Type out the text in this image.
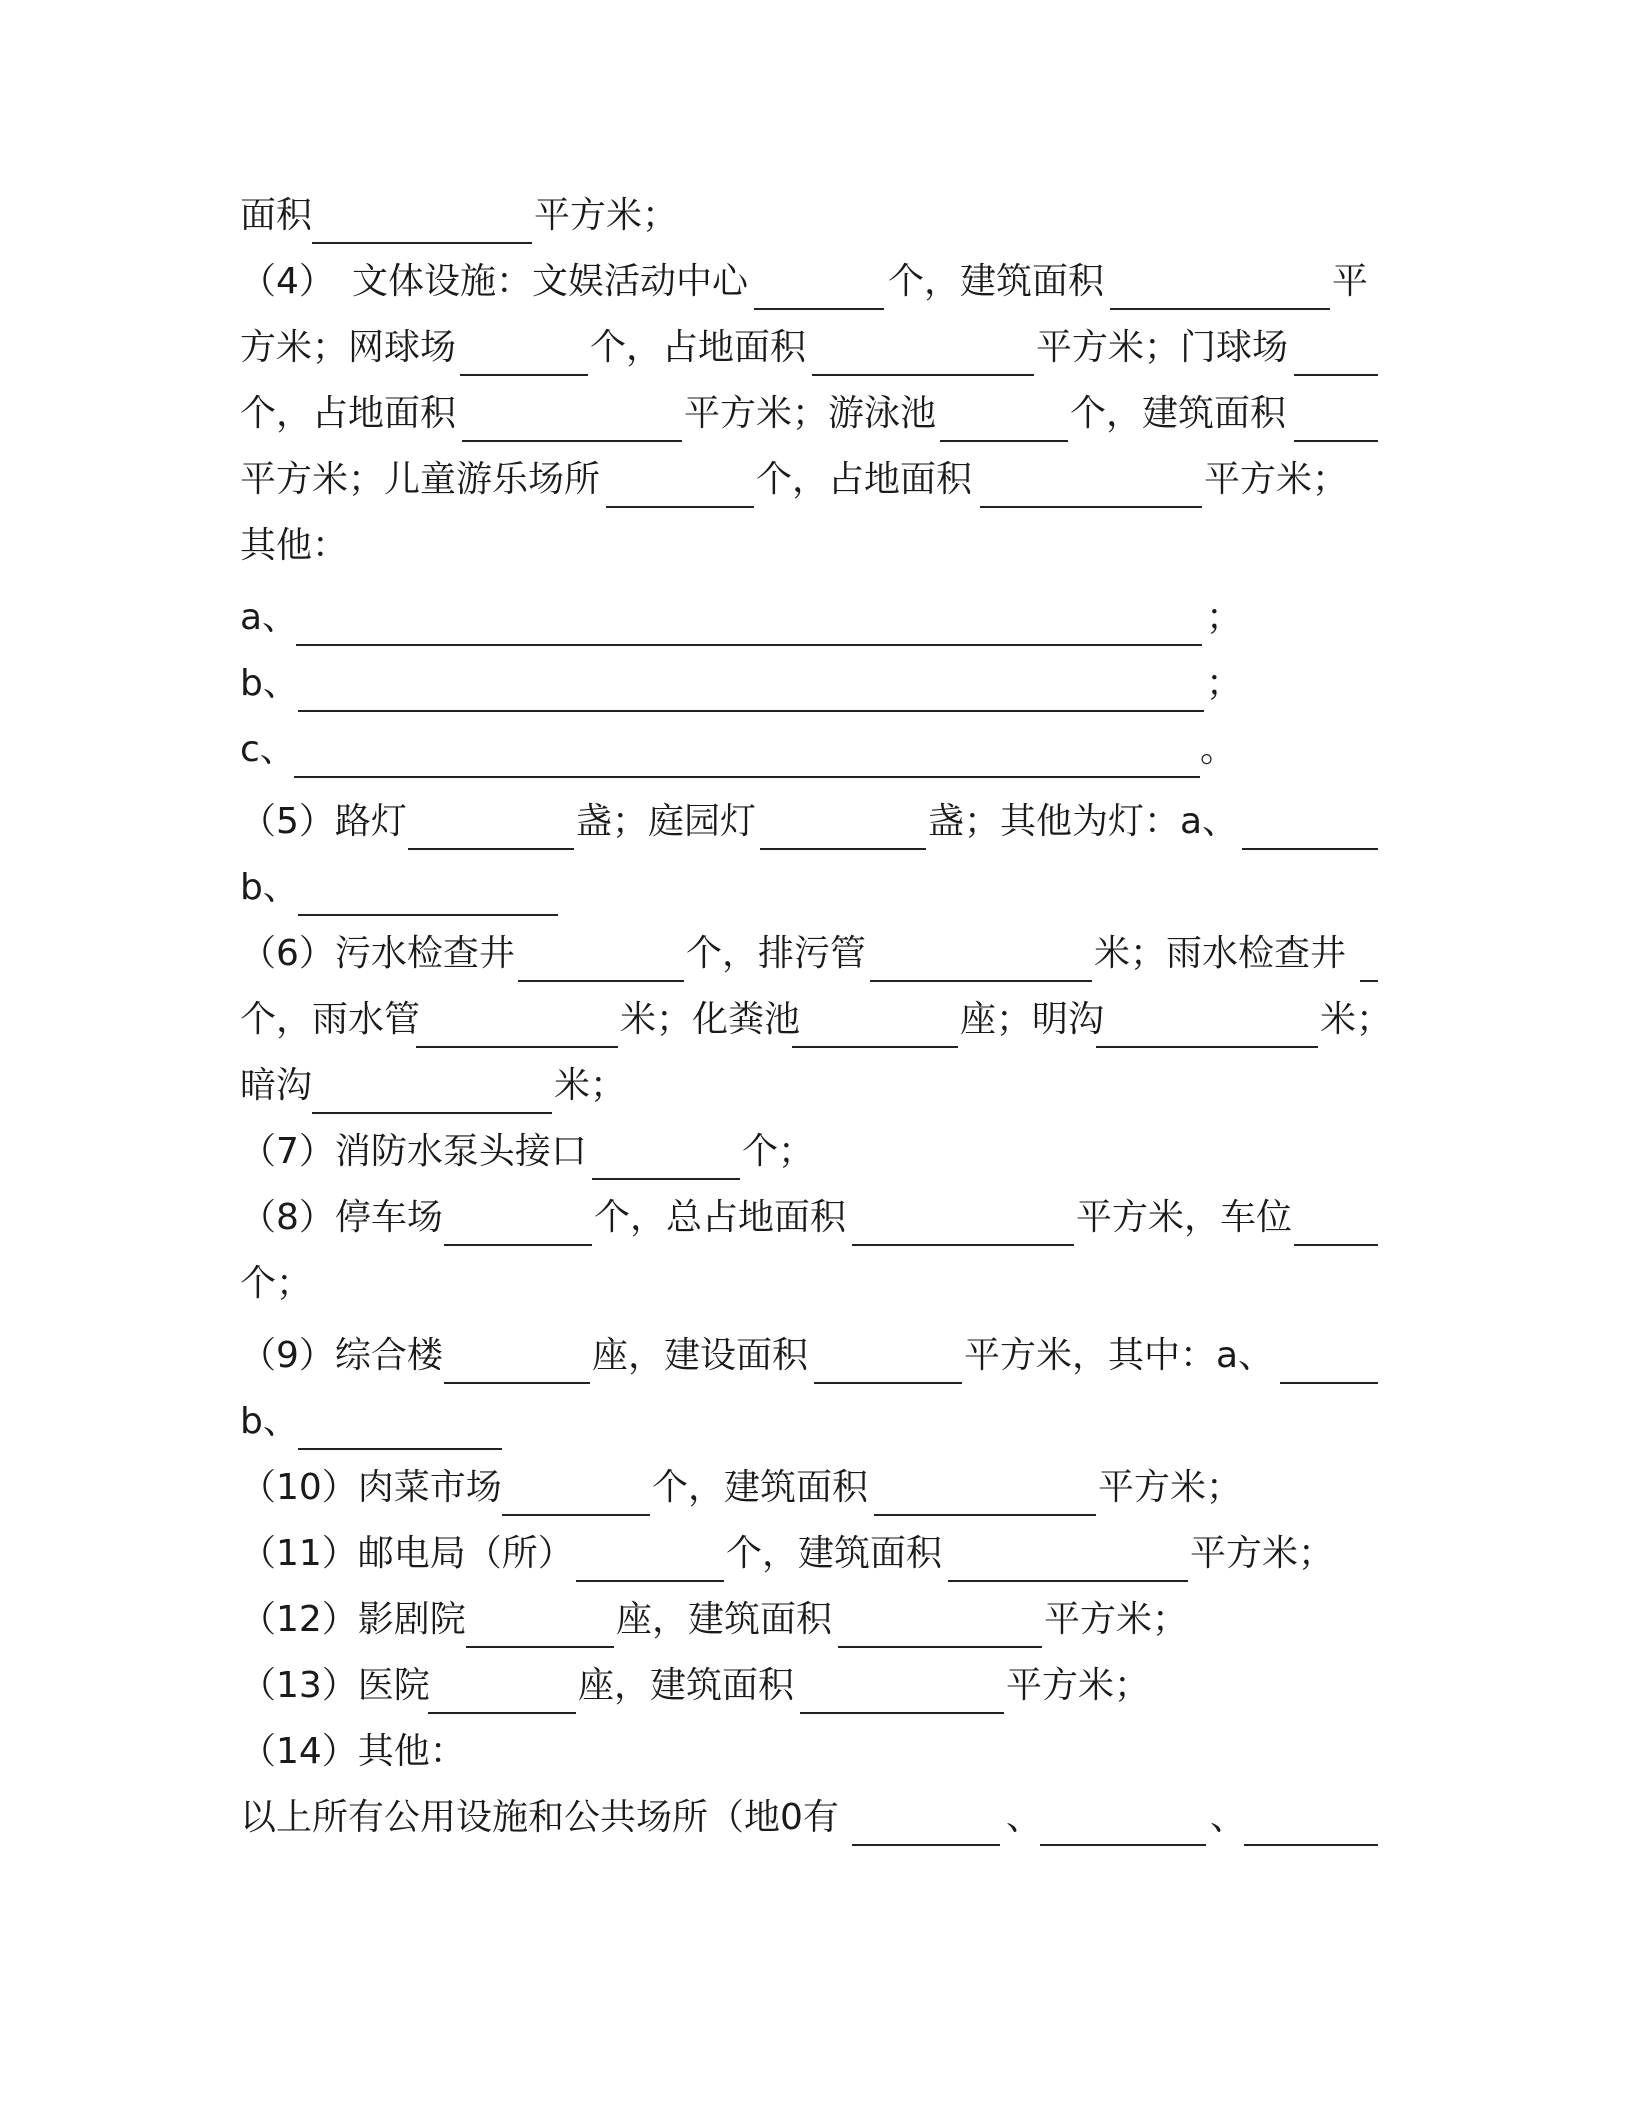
面积	平方米；
（4） 文体设施：文娱活动中心	个，建筑面积	平
方米；网球场	个，占地面积	平方米；门球场
个，占地面积	平方米；游泳池	个，建筑面积
平方米；儿童游乐场所	个，占地面积	平方米；
其他：
a、	；
b、	；
c、	。
（5）路灯	盏；庭园灯	盏；其他为灯：a、
b、
（6）污水检查井	个，排污管	米；雨水检查井
个，雨水管	米；化粪池	座；明沟	米；
暗沟	米；
（7）消防水泵头接口	个；
（8）停车场	个，总占地面积	平方米，车位
个；
（9）综合楼	座，建设面积	平方米，其中：a、
b、
（10）肉菜市场	个，建筑面积	平方米；
（11）邮电局（所）	个，建筑面积	平方米；
（12）影剧院	座，建筑面积	平方米；
（13）医院	座，建筑面积	平方米；
（14）其他：
以上所有公用设施和公共场所（地0有	、	、
